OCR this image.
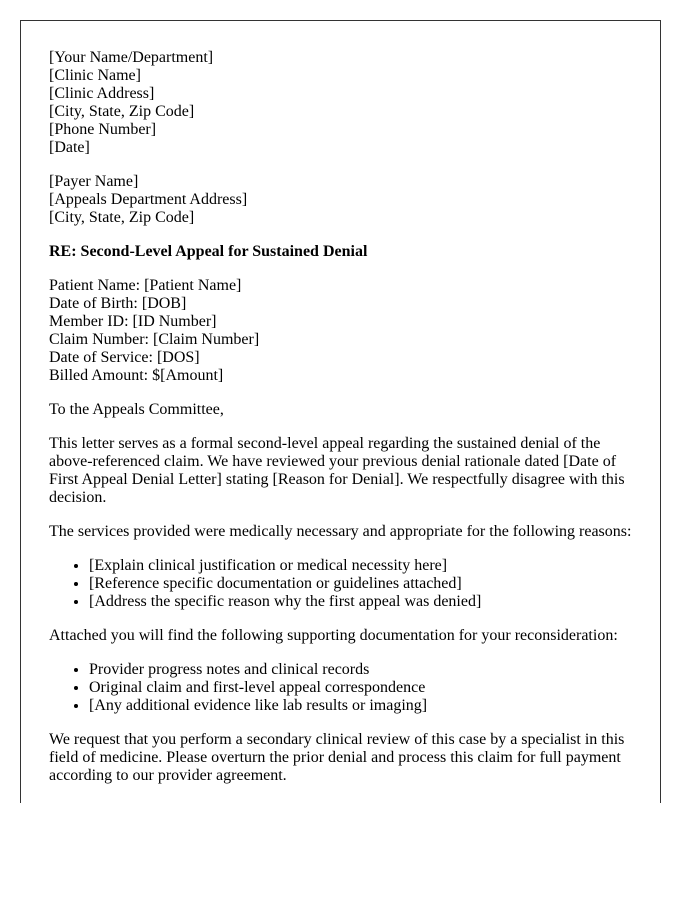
[Your Name/Department]
[Clinic Name]
[Clinic Address]
[City, State, Zip Code]
[Phone Number]
[Date]

[Payer Name]
[Appeals Department Address]
[City, State, Zip Code]

RE: Second-Level Appeal for Sustained Denial

Patient Name: [Patient Name]
Date of Birth: [DOB]
Member ID: [ID Number]
Claim Number: [Claim Number]
Date of Service: [DOS]
Billed Amount: $[Amount]

To the Appeals Committee,

This letter serves as a formal second-level appeal regarding the sustained denial of the above-referenced claim. We have reviewed your previous denial rationale dated [Date of First Appeal Denial Letter] stating [Reason for Denial]. We respectfully disagree with this decision.

The services provided were medically necessary and appropriate for the following reasons:

• [Explain clinical justification or medical necessity here]
• [Reference specific documentation or guidelines attached]
• [Address the specific reason why the first appeal was denied]

Attached you will find the following supporting documentation for your reconsideration:

• Provider progress notes and clinical records
• Original claim and first-level appeal correspondence
• [Any additional evidence like lab results or imaging]

We request that you perform a secondary clinical review of this case by a specialist in this field of medicine. Please overturn the prior denial and process this claim for full payment according to our provider agreement.
